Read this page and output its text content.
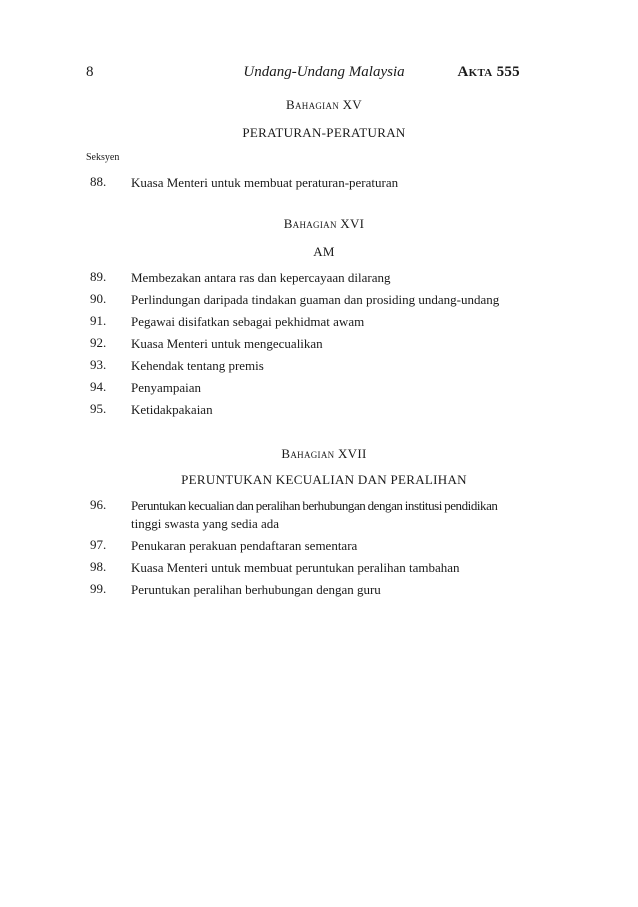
8	Undang-Undang Malaysia	Akta 555
Bahagian XV
PERATURAN-PERATURAN
Seksyen
88.	Kuasa Menteri untuk membuat peraturan-peraturan
Bahagian XVI
AM
89.	Membezakan antara ras dan kepercayaan dilarang
90.	Perlindungan daripada tindakan guaman dan prosiding undang-undang
91.	Pegawai disifatkan sebagai pekhidmat awam
92.	Kuasa Menteri untuk mengecualikan
93.	Kehendak tentang premis
94.	Penyampaian
95.	Ketidakpakaian
Bahagian XVII
PERUNTUKAN KECUALIAN DAN PERALIHAN
96.	Peruntukan kecualian dan peralihan berhubungan dengan institusi pendidikan
tinggi swasta yang sedia ada
97.	Penukaran perakuan pendaftaran sementara
98.	Kuasa Menteri untuk membuat peruntukan peralihan tambahan
99.	Peruntukan peralihan berhubungan dengan guru
